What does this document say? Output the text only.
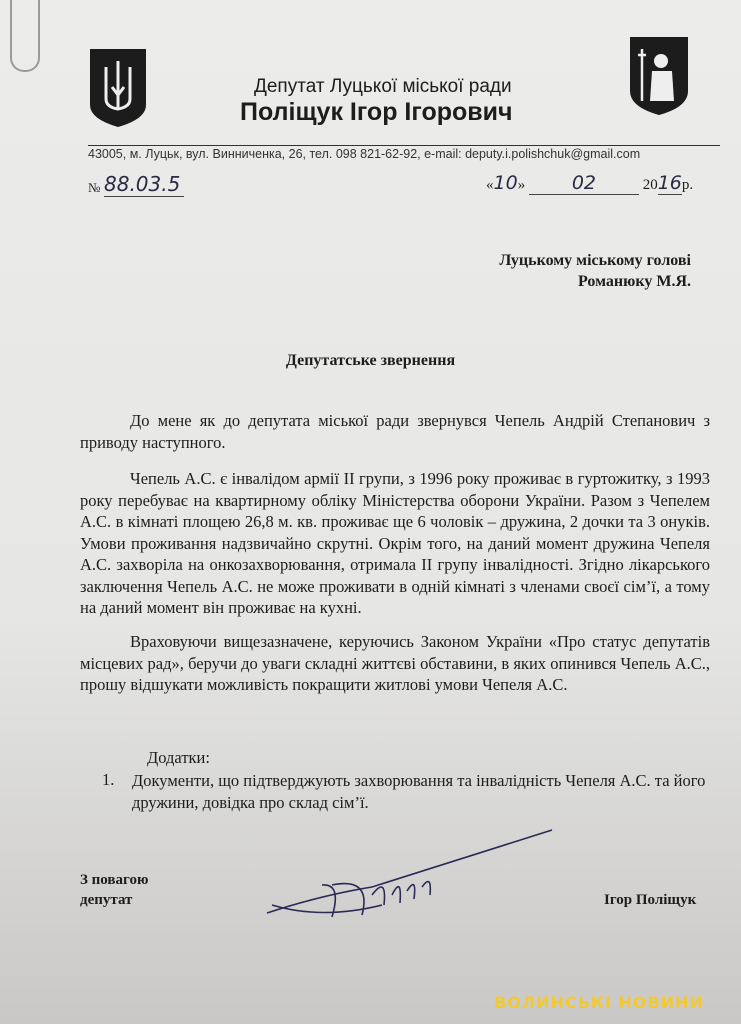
Депутат Луцької міської ради
Поліщук Ігор Ігорович
43005, м. Луцьк, вул. Винниченка, 26, тел. 098 821-62-92, e-mail: deputy.i.polishchuk@gmail.com
№ 88.03.5	«10» 02	2016р.
Луцькому міському голові
Романюку М.Я.
Депутатське звернення

До мене як до депутата міської ради звернувся Чепель Андрій Степанович з приводу наступного.

Чепель А.С. є інвалідом армії ІІ групи, з 1996 року проживає в гуртожитку, з 1993 року перебуває на квартирному обліку Міністерства оборони України. Разом з Чепелем А.С. в кімнаті площею 26,8 м. кв. проживає ще 6 чоловік – дружина, 2 дочки та 3 онуків. Умови проживання надзвичайно скрутні. Окрім того, на даний момент дружина Чепеля А.С. захворіла на онкозахворювання, отримала ІІ групу інвалідності. Згідно лікарського заключення Чепель А.С. не може проживати в одній кімнаті з членами своєї сім’ї, а тому на даний момент він проживає на кухні.

Враховуючи вищезазначене, керуючись Законом України «Про статус депутатів місцевих рад», беручи до уваги складні життєві обставини, в яких опинився Чепель А.С., прошу відшукати можливість покращити житлові умови Чепеля А.С.

Додатки:
1. Документи, що підтверджують захворювання та інвалідність Чепеля А.С. та його дружини, довідка про склад сім’ї.
З повагою
депутат	Ігор Поліщук
ВОЛИНСЬКІ НОВИНИ
